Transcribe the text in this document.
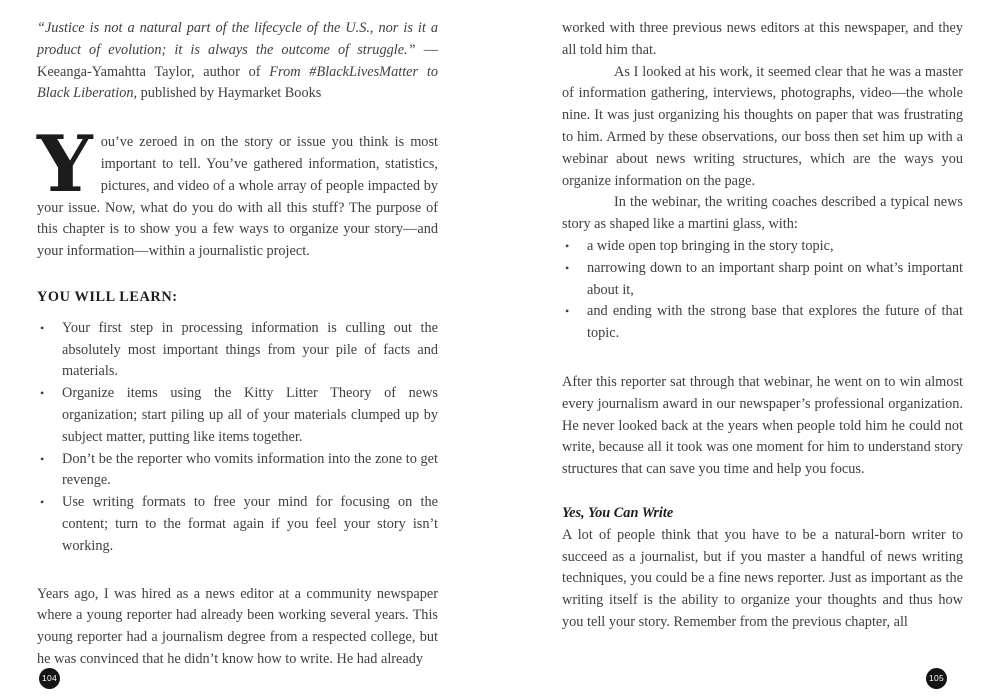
“Justice is not a natural part of the lifecycle of the U.S., nor is it a product of evolution; it is always the outcome of struggle.” —Keeanga-Yamahtta Taylor, author of From #BlackLivesMatter to Black Liberation, published by Haymarket Books

You’ve zeroed in on the story or issue you think is most important to tell. You’ve gathered information, statistics, pictures, and video of a whole array of people impacted by your issue. Now, what do you do with all this stuff? The purpose of this chapter is to show you a few ways to organize your story—and your information—within a journalistic project.

YOU WILL LEARN:
• Your first step in processing information is culling out the absolutely most important things from your pile of facts and materials.
• Organize items using the Kitty Litter Theory of news organization; start piling up all of your materials clumped up by subject matter, putting like items together.
• Don’t be the reporter who vomits information into the zone to get revenge.
• Use writing formats to free your mind for focusing on the content; turn to the format again if you feel your story isn’t working.

Years ago, I was hired as a news editor at a community newspaper where a young reporter had already been working several years. This young reporter had a journalism degree from a respected college, but he was convinced that he didn’t know how to write. He had already

worked with three previous news editors at this newspaper, and they all told him that.

As I looked at his work, it seemed clear that he was a master of information gathering, interviews, photographs, video—the whole nine. It was just organizing his thoughts on paper that was frustrating to him. Armed by these observations, our boss then set him up with a webinar about news writing structures, which are the ways you organize information on the page.

In the webinar, the writing coaches described a typical news story as shaped like a martini glass, with:

• a wide open top bringing in the story topic,
• narrowing down to an important sharp point on what’s important about it,
• and ending with the strong base that explores the future of that topic.

After this reporter sat through that webinar, he went on to win almost every journalism award in our newspaper’s professional organization. He never looked back at the years when people told him he could not write, because all it took was one moment for him to understand story structures that can save you time and help you focus.

Yes, You Can Write

A lot of people think that you have to be a natural-born writer to succeed as a journalist, but if you master a handful of news writing techniques, you could be a fine news reporter. Just as important as the writing itself is the ability to organize your thoughts and thus how you tell your story. Remember from the previous chapter, all

104	105
